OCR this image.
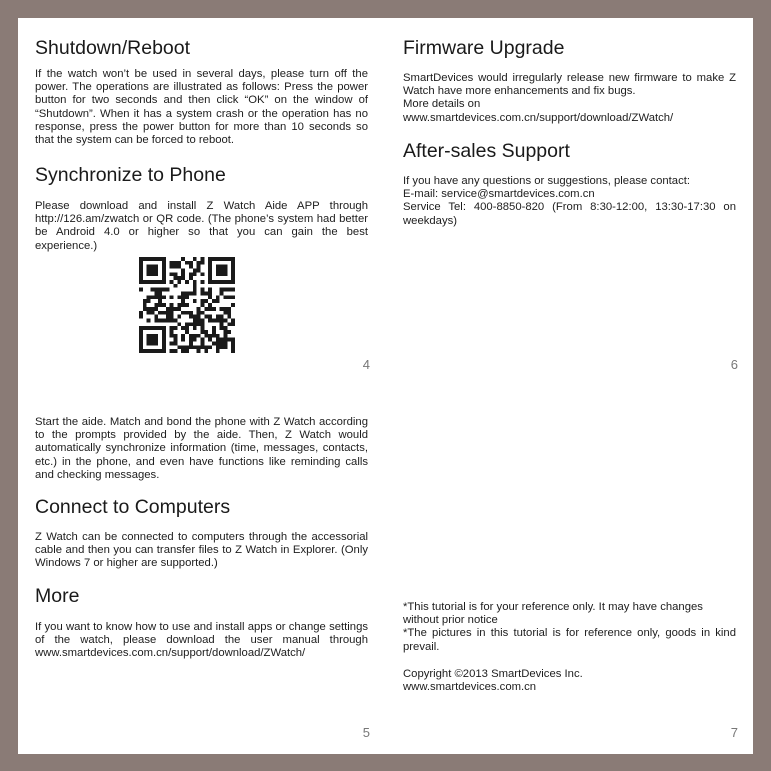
Shutdown/Reboot

If the watch won’t be used in several days, please turn off the power. The operations are illustrated as follows: Press the power button for two seconds and then click “OK” on the window of “Shutdown”. When it has a system crash or the operation has no response, press the power button for more than 10 seconds so that the system can be forced to reboot.

Synchronize to Phone

Please download and install Z Watch Aide APP through http://126.am/zwatch or QR code. (The phone’s system had better be Android 4.0 or higher so that you can gain the best experience.)

4
Firmware Upgrade

SmartDevices would irregularly release new firmware to make Z Watch have more enhancements and fix bugs.

More details on

www.smartdevices.com.cn/support/download/ZWatch/

After-sales Support

If you have any questions or suggestions, please contact:

E-mail: service@smartdevices.com.cn

Service Tel: 400-8850-820 (From 8:30-12:00, 13:30-17:30 on weekdays)

6

Start the aide. Match and bond the phone with Z Watch according to the prompts provided by the aide. Then, Z Watch would automatically synchronize information (time, messages, contacts, etc.) in the phone, and even have functions like reminding calls and checking messages.

Connect to Computers

Z Watch can be connected to computers through the accessorial cable and then you can transfer files to Z Watch in Explorer. (Only Windows 7 or higher are supported.)

More

If you want to know how to use and install apps or change settings of the watch, please download the user manual through www.smartdevices.com.cn/support/download/ZWatch/

5

*This tutorial is for your reference only. It may have changes without prior notice

*The pictures in this tutorial is for reference only, goods in kind prevail.

Copyright ©2013 SmartDevices Inc.

www.smartdevices.com.cn

7
